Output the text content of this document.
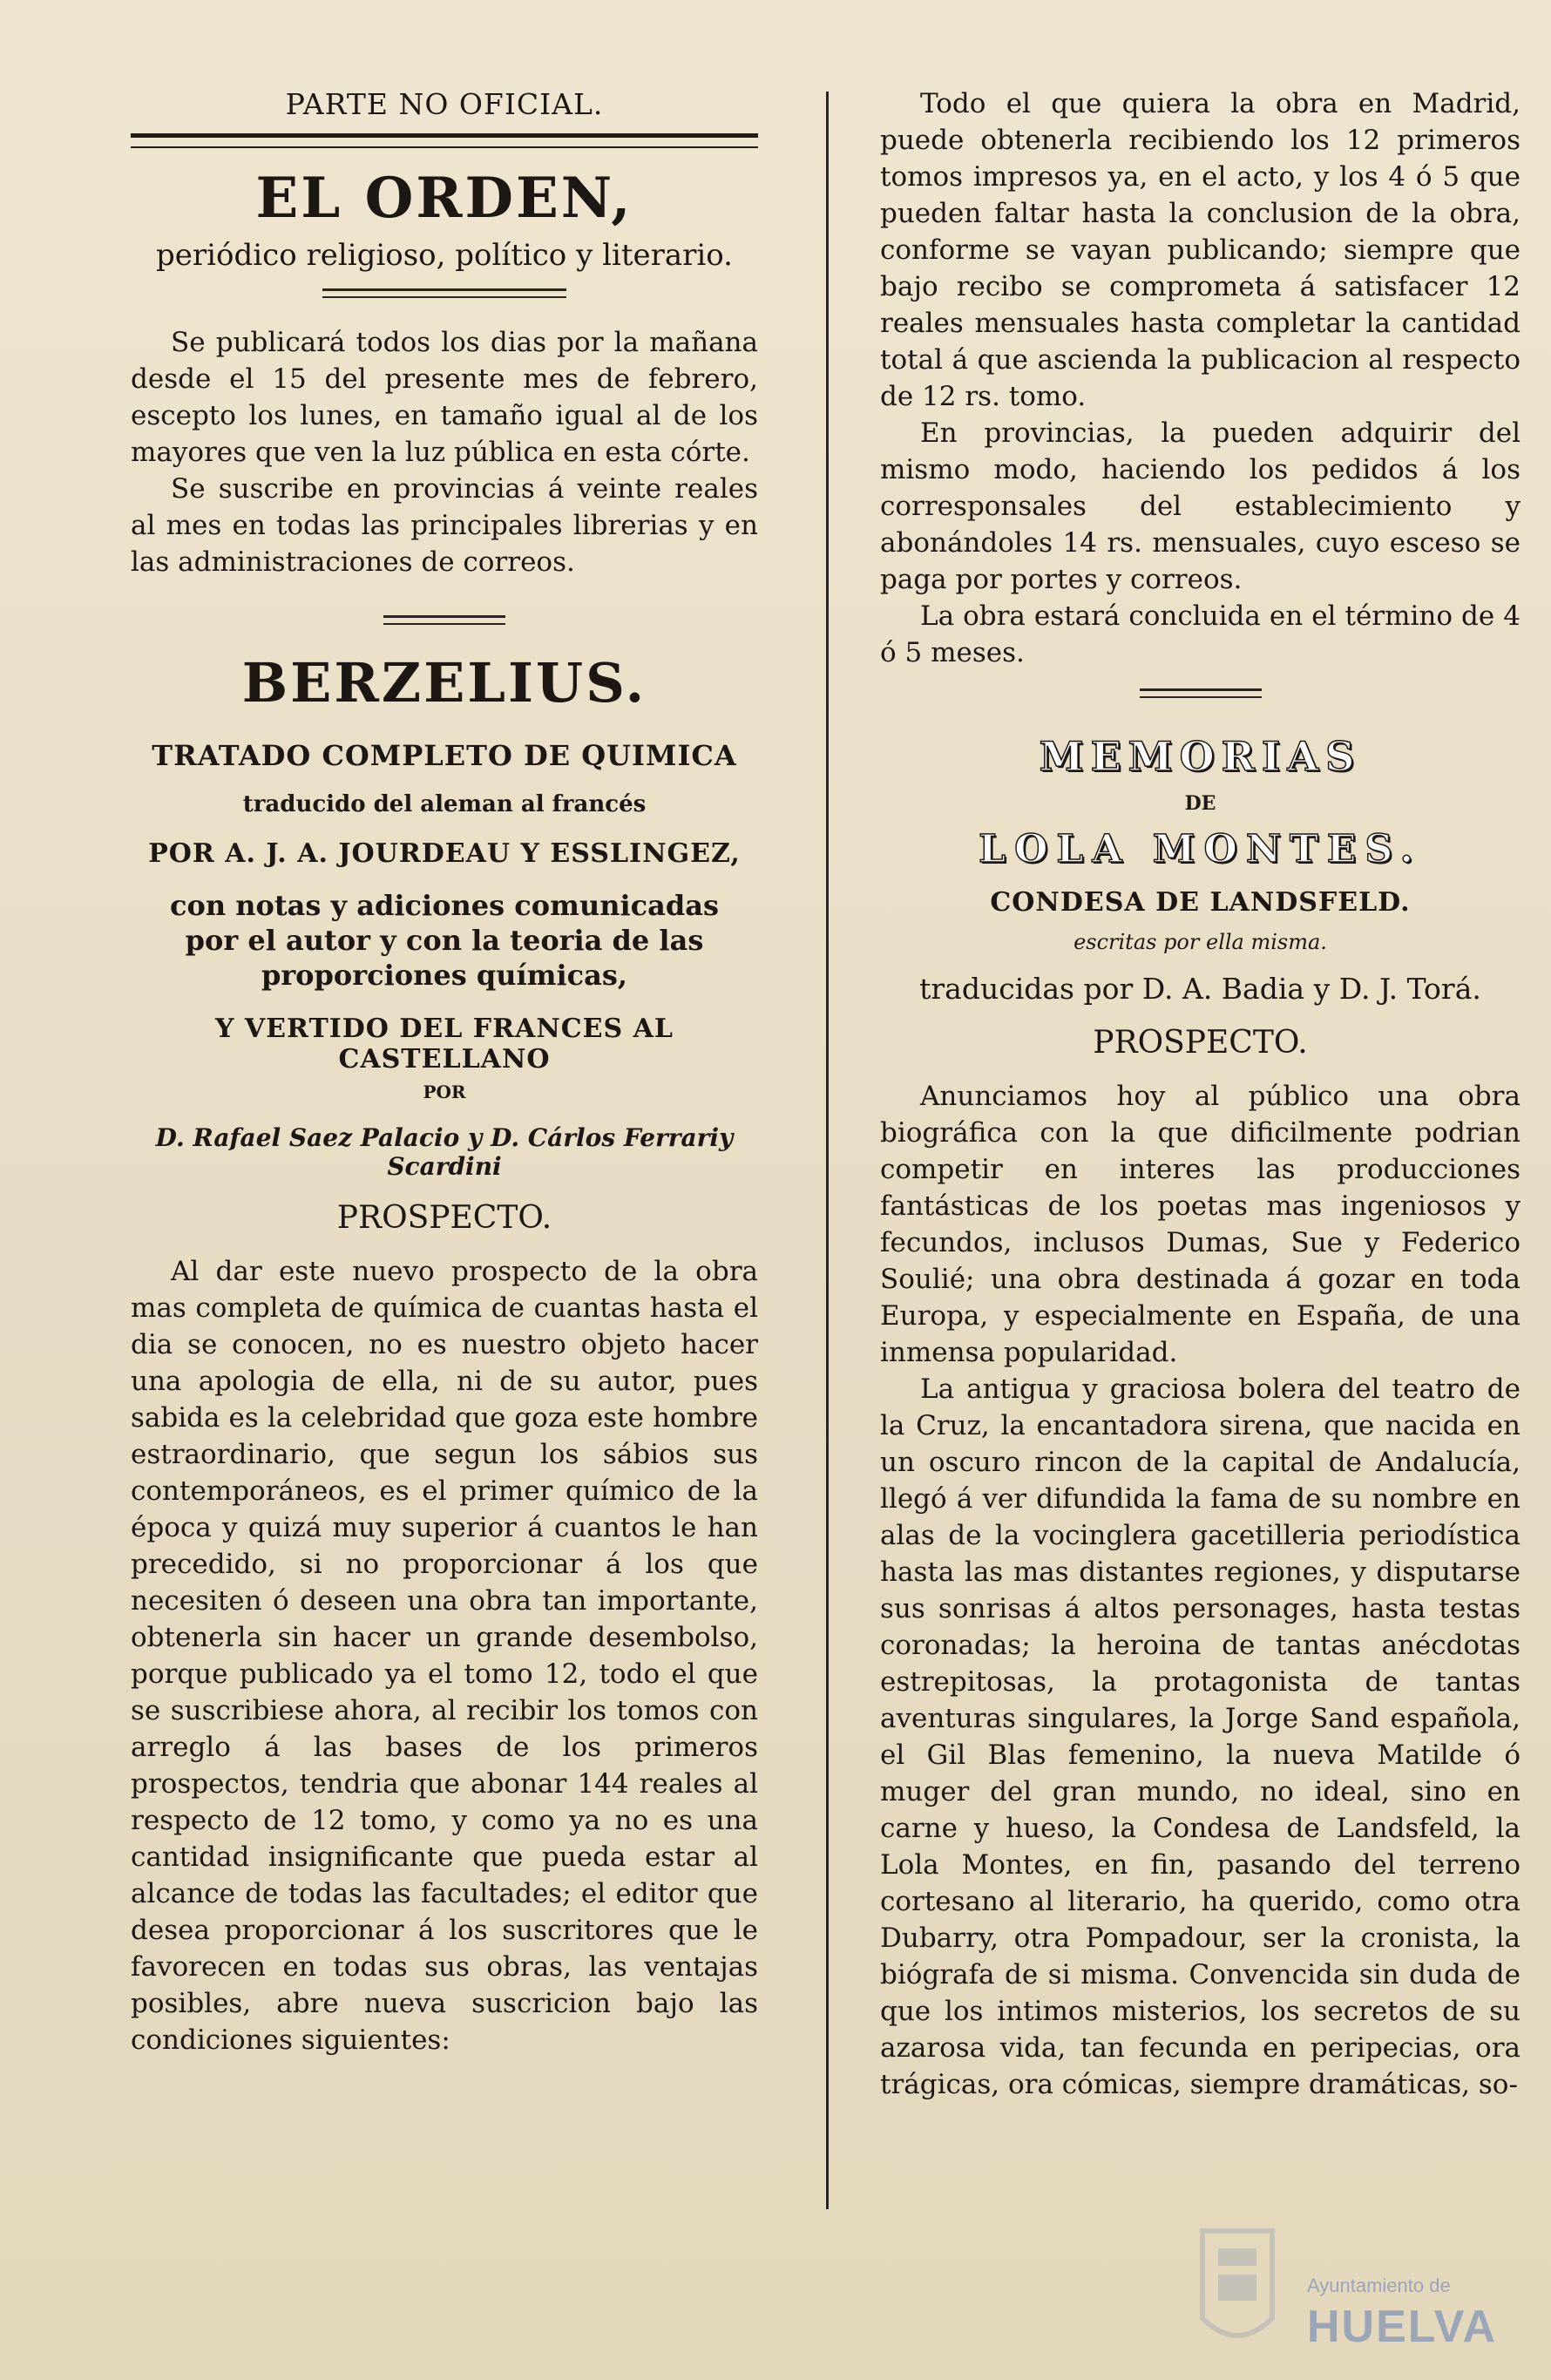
PARTE NO OFICIAL.
EL ORDEN,
periódico religioso, político y literario.

Se publicará todos los dias por la mañana desde el 15 del presente mes de febrero, escepto los lunes, en tamaño igual al de los mayores que ven la luz pública en esta córte.

Se suscribe en provincias á veinte reales al mes en todas las principales librerias y en las administraciones de correos.

BERZELIUS.
TRATADO COMPLETO DE QUIMICA
traducido del aleman al francés
POR A. J. A. JOURDEAU Y ESSLINGEZ,
con notas y adiciones comunicadas por el autor y con la teoria de las proporciones químicas,
Y VERTIDO DEL FRANCES AL CASTELLANO
POR
D. Rafael Saez Palacio y D. Cárlos Ferrariy Scardini
PROSPECTO.

Al dar este nuevo prospecto de la obra mas completa de química de cuantas hasta el dia se conocen, no es nuestro objeto hacer una apologia de ella, ni de su autor, pues sabida es la celebridad que goza este hombre estraordinario, que segun los sábios sus contemporáneos, es el primer químico de la época y quizá muy superior á cuantos le han precedido, si no proporcionar á los que necesiten ó deseen una obra tan importante, obtenerla sin hacer un grande desembolso, porque publicado ya el tomo 12, todo el que se suscribiese ahora, al recibir los tomos con arreglo á las bases de los primeros prospectos, tendria que abonar 144 reales al respecto de 12 tomo, y como ya no es una cantidad insignificante que pueda estar al alcance de todas las facultades; el editor que desea proporcionar á los suscritores que le favorecen en todas sus obras, las ventajas posibles, abre nueva suscricion bajo las condiciones siguientes:

Todo el que quiera la obra en Madrid, puede obtenerla recibiendo los 12 primeros tomos impresos ya, en el acto, y los 4 ó 5 que pueden faltar hasta la conclusion de la obra, conforme se vayan publicando; siempre que bajo recibo se comprometa á satisfacer 12 reales mensuales hasta completar la cantidad total á que ascienda la publicacion al respecto de 12 rs. tomo.

En provincias, la pueden adquirir del mismo modo, haciendo los pedidos á los corresponsales del establecimiento y abonándoles 14 rs. mensuales, cuyo esceso se paga por portes y correos.

La obra estará concluida en el término de 4 ó 5 meses.

MEMORIAS
DE
LOLA MONTES.
CONDESA DE LANDSFELD.
escritas por ella misma.
traducidas por D. A. Badia y D. J. Torá.
PROSPECTO.

Anunciamos hoy al público una obra biográfica con la que dificilmente podrian competir en interes las producciones fantásticas de los poetas mas ingeniosos y fecundos, inclusos Dumas, Sue y Federico Soulié; una obra destinada á gozar en toda Europa, y especialmente en España, de una inmensa popularidad.

La antigua y graciosa bolera del teatro de la Cruz, la encantadora sirena, que nacida en un oscuro rincon de la capital de Andalucía, llegó á ver difundida la fama de su nombre en alas de la vocinglera gacetilleria periodística hasta las mas distantes regiones, y disputarse sus sonrisas á altos personages, hasta testas coronadas; la heroina de tantas anécdotas estrepitosas, la protagonista de tantas aventuras singulares, la Jorge Sand española, el Gil Blas femenino, la nueva Matilde ó muger del gran mundo, no ideal, sino en carne y hueso, la Condesa de Landsfeld, la Lola Montes, en fin, pasando del terreno cortesano al literario, ha querido, como otra Dubarry, otra Pompadour, ser la cronista, la biógrafa de si misma. Convencida sin duda de que los intimos misterios, los secretos de su azarosa vida, tan fecunda en peripecias, ora trágicas, ora cómicas, siempre dramáticas, so-

Ayuntamiento de
HUELVA
